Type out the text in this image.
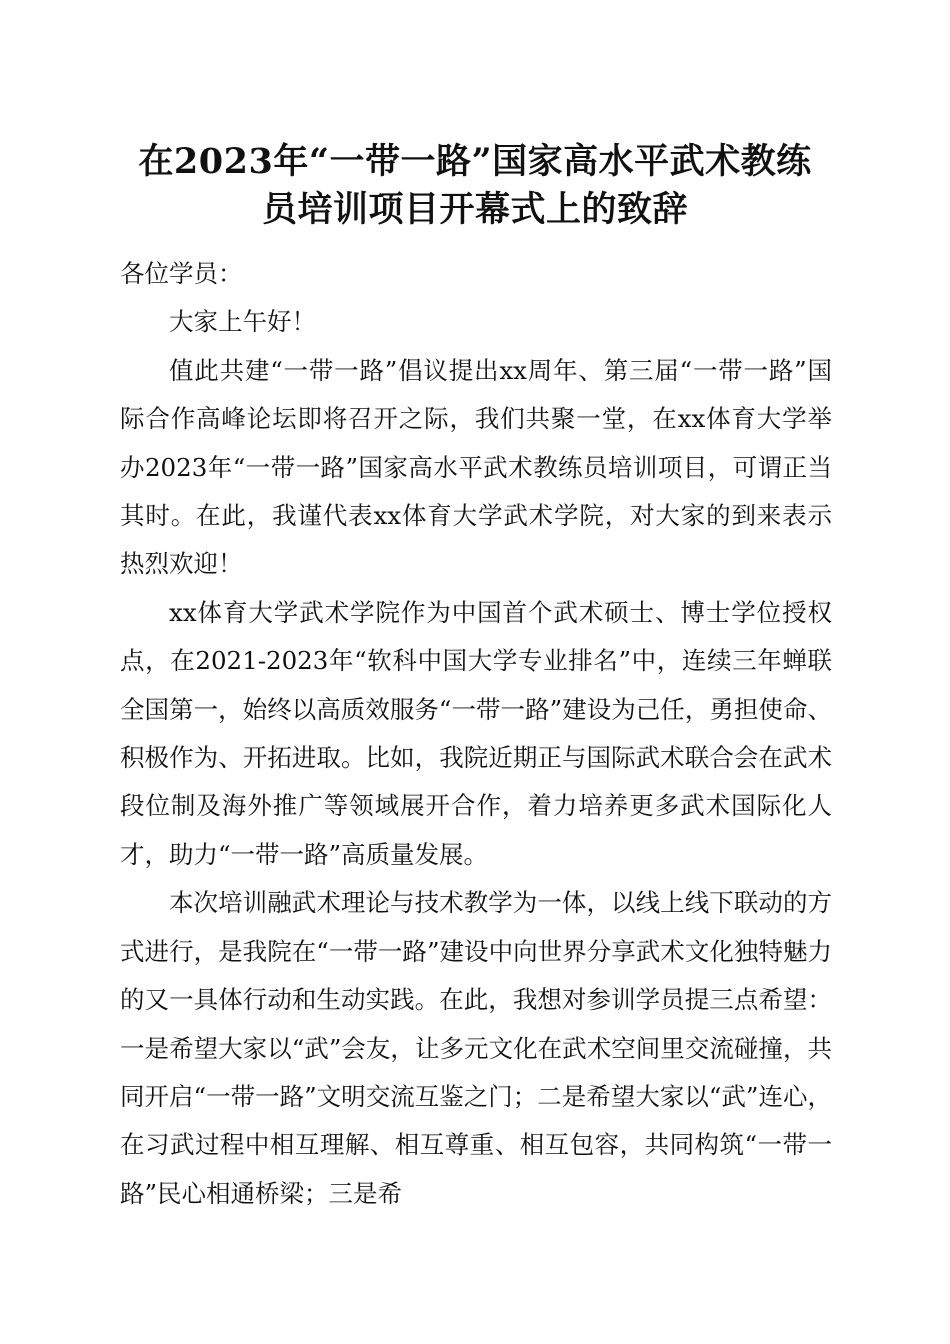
在2023年“一带一路”国家高水平武术教练
员培训项目开幕式上的致辞

各位学员：

大家上午好！

值此共建“一带一路”倡议提出xx周年、第三届“一带一路”国际合作高峰论坛即将召开之际，我们共聚一堂，在xx体育大学举办2023年“一带一路”国家高水平武术教练员培训项目，可谓正当其时。在此，我谨代表xx体育大学武术学院，对大家的到来表示热烈欢迎！

xx体育大学武术学院作为中国首个武术硕士、博士学位授权点，在2021-2023年“软科中国大学专业排名”中，连续三年蝉联全国第一，始终以高质效服务“一带一路”建设为己任，勇担使命、积极作为、开拓进取。比如，我院近期正与国际武术联合会在武术段位制及海外推广等领域展开合作，着力培养更多武术国际化人才，助力“一带一路”高质量发展。

本次培训融武术理论与技术教学为一体，以线上线下联动的方式进行，是我院在“一带一路”建设中向世界分享武术文化独特魅力的又一具体行动和生动实践。在此，我想对参训学员提三点希望：一是希望大家以“武”会友，让多元文化在武术空间里交流碰撞，共同开启“一带一路”文明交流互鉴之门；二是希望大家以“武”连心，在习武过程中相互理解、相互尊重、相互包容，共同构筑“一带一路”民心相通桥梁；三是希
